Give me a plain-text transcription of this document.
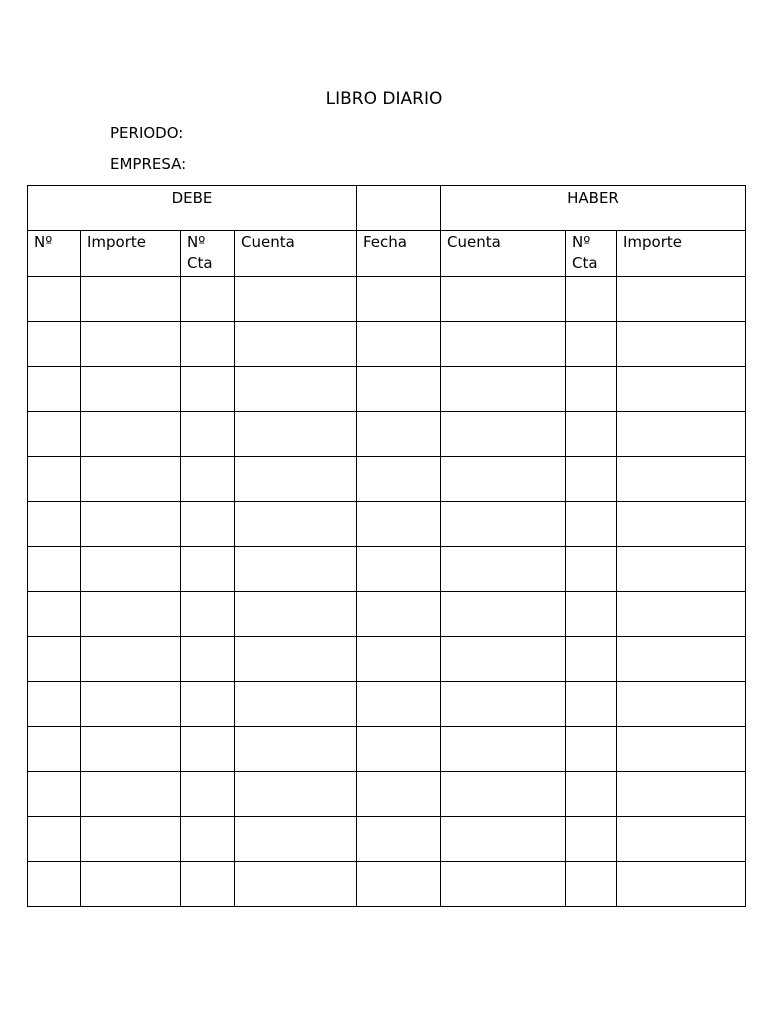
LIBRO DIARIO
PERIODO:
EMPRESA:
DEBE					HABER		

Nº	Importe	Nº Cta	Cuenta	Fecha	Cuenta	Nº Cta	Importe
